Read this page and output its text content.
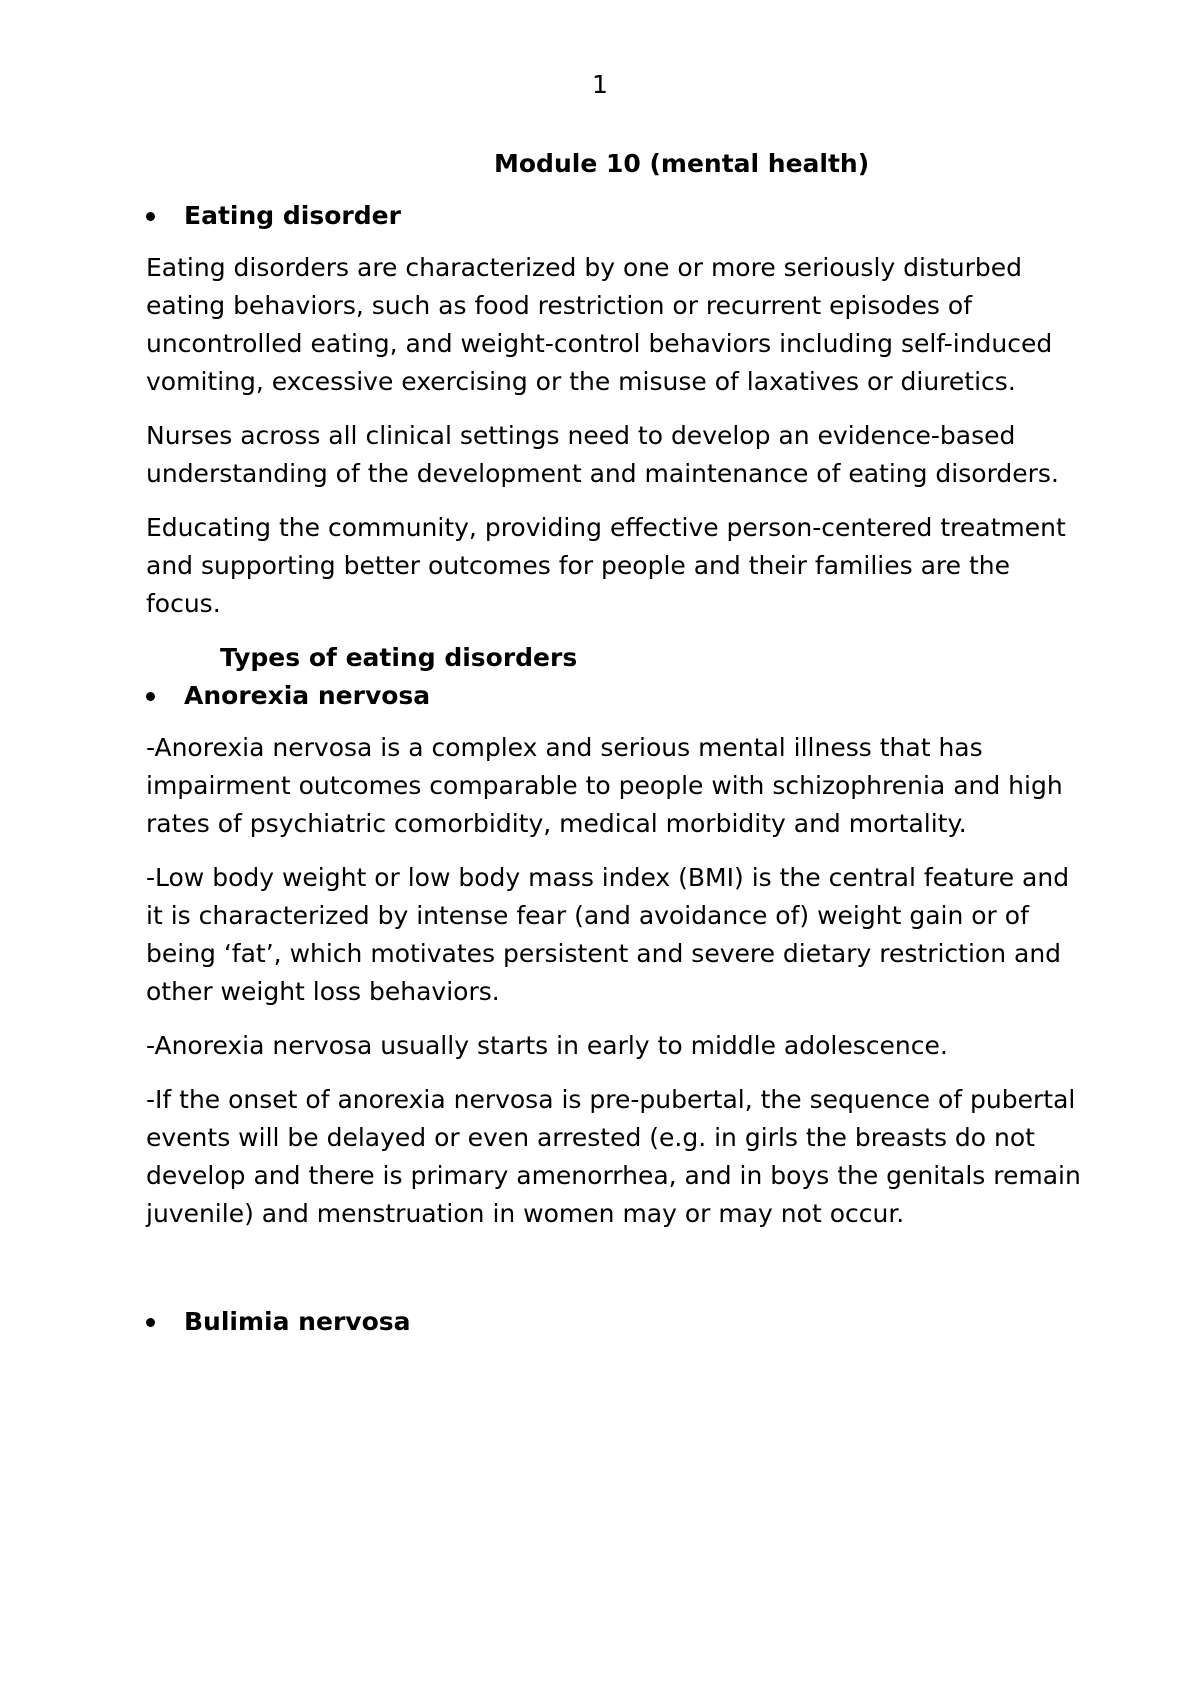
1
Module 10 (mental health)
Eating disorder

Eating disorders are characterized by one or more seriously disturbed eating behaviors, such as food restriction or recurrent episodes of uncontrolled eating, and weight-control behaviors including self-induced vomiting, excessive exercising or the misuse of laxatives or diuretics.

Nurses across all clinical settings need to develop an evidence-based understanding of the development and maintenance of eating disorders.

Educating the community, providing effective person-centered treatment and supporting better outcomes for people and their families are the focus.

Types of eating disorders
Anorexia nervosa

-Anorexia nervosa is a complex and serious mental illness that has impairment outcomes comparable to people with schizophrenia and high rates of psychiatric comorbidity, medical morbidity and mortality.

-Low body weight or low body mass index (BMI) is the central feature and it is characterized by intense fear (and avoidance of) weight gain or of being ‘fat’, which motivates persistent and severe dietary restriction and other weight loss behaviors.

-Anorexia nervosa usually starts in early to middle adolescence.

-If the onset of anorexia nervosa is pre-pubertal, the sequence of pubertal events will be delayed or even arrested (e.g. in girls the breasts do not develop and there is primary amenorrhea, and in boys the genitals remain juvenile) and menstruation in women may or may not occur.

Bulimia nervosa
